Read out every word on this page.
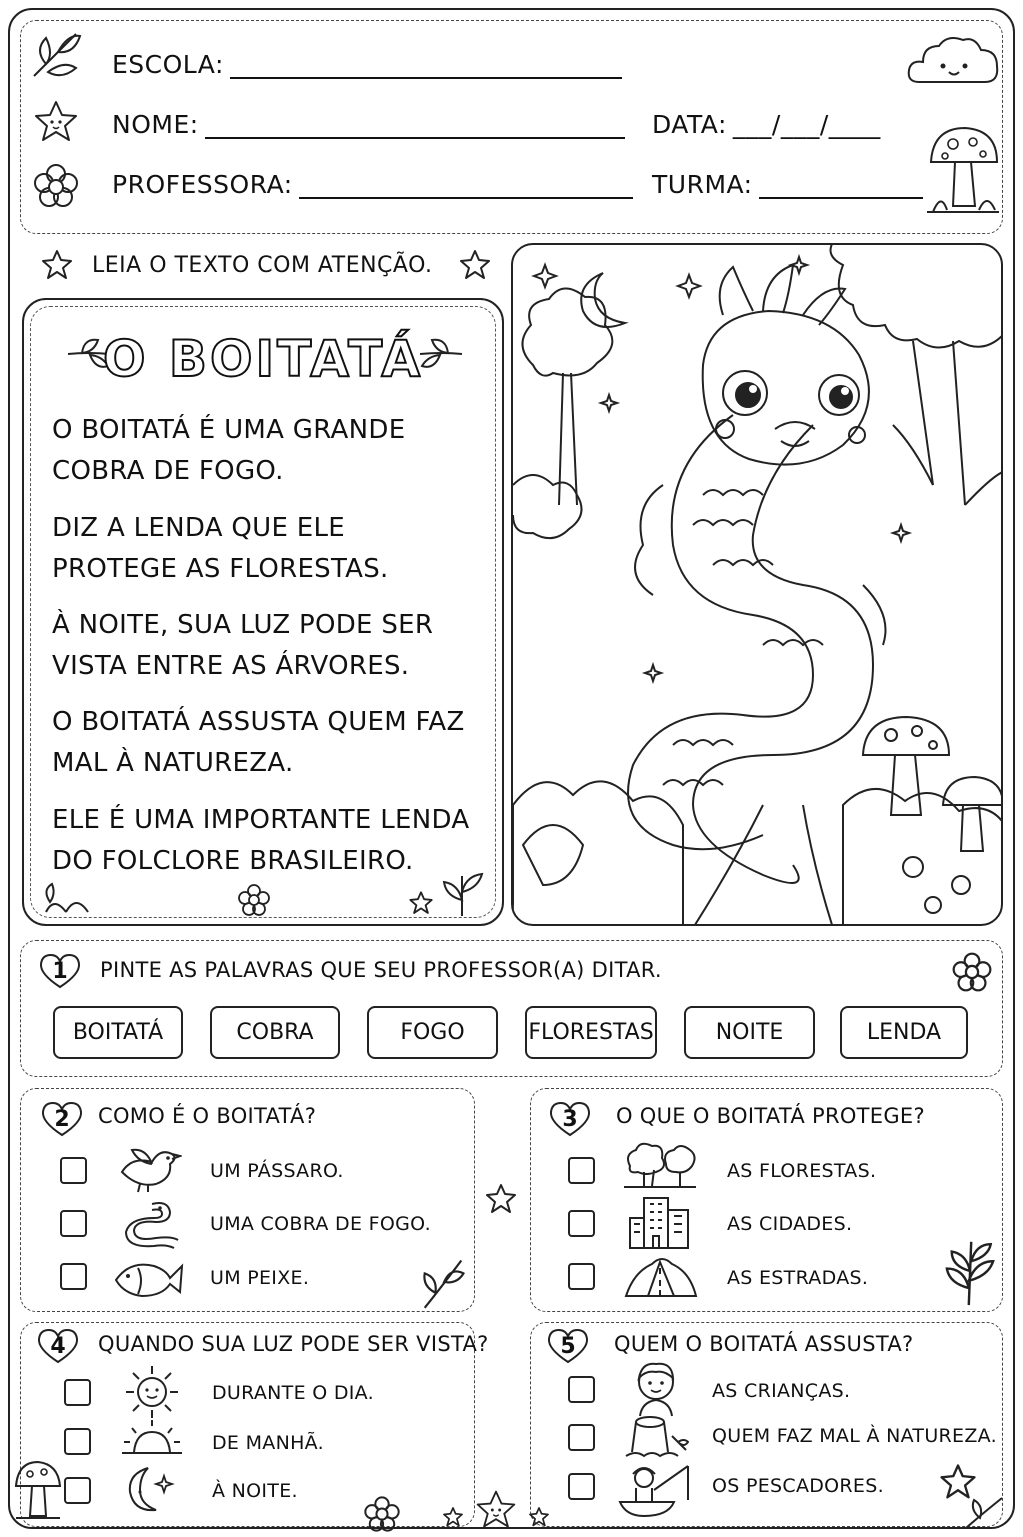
ESCOLA:
NOME:	DATA: ___/___/____
PROFESSORA:	TURMA:
LEIA O TEXTO COM ATENÇÃO.
O BOITATÁ
O BOITATÁ É UMA GRANDE
COBRA DE FOGO.
DIZ A LENDA QUE ELE
PROTEGE AS FLORESTAS.
À NOITE, SUA LUZ PODE SER
VISTA ENTRE AS ÁRVORES.
O BOITATÁ ASSUSTA QUEM FAZ
MAL À NATUREZA.
ELE É UMA IMPORTANTE LENDA
DO FOLCLORE BRASILEIRO.
1 PINTE AS PALAVRAS QUE SEU PROFESSOR(A) DITAR.
BOITATÁ	COBRA	FOGO	FLORESTAS	NOITE	LENDA
2 COMO É O BOITATÁ?
UM PÁSSARO.
UMA COBRA DE FOGO.
UM PEIXE.
3 O QUE O BOITATÁ PROTEGE?
AS FLORESTAS.
AS CIDADES.
AS ESTRADAS.
4 QUANDO SUA LUZ PODE SER VISTA?
DURANTE O DIA.
DE MANHÃ.
À NOITE.
5 QUEM O BOITATÁ ASSUSTA?
AS CRIANÇAS.
QUEM FAZ MAL À NATUREZA.
OS PESCADORES.
